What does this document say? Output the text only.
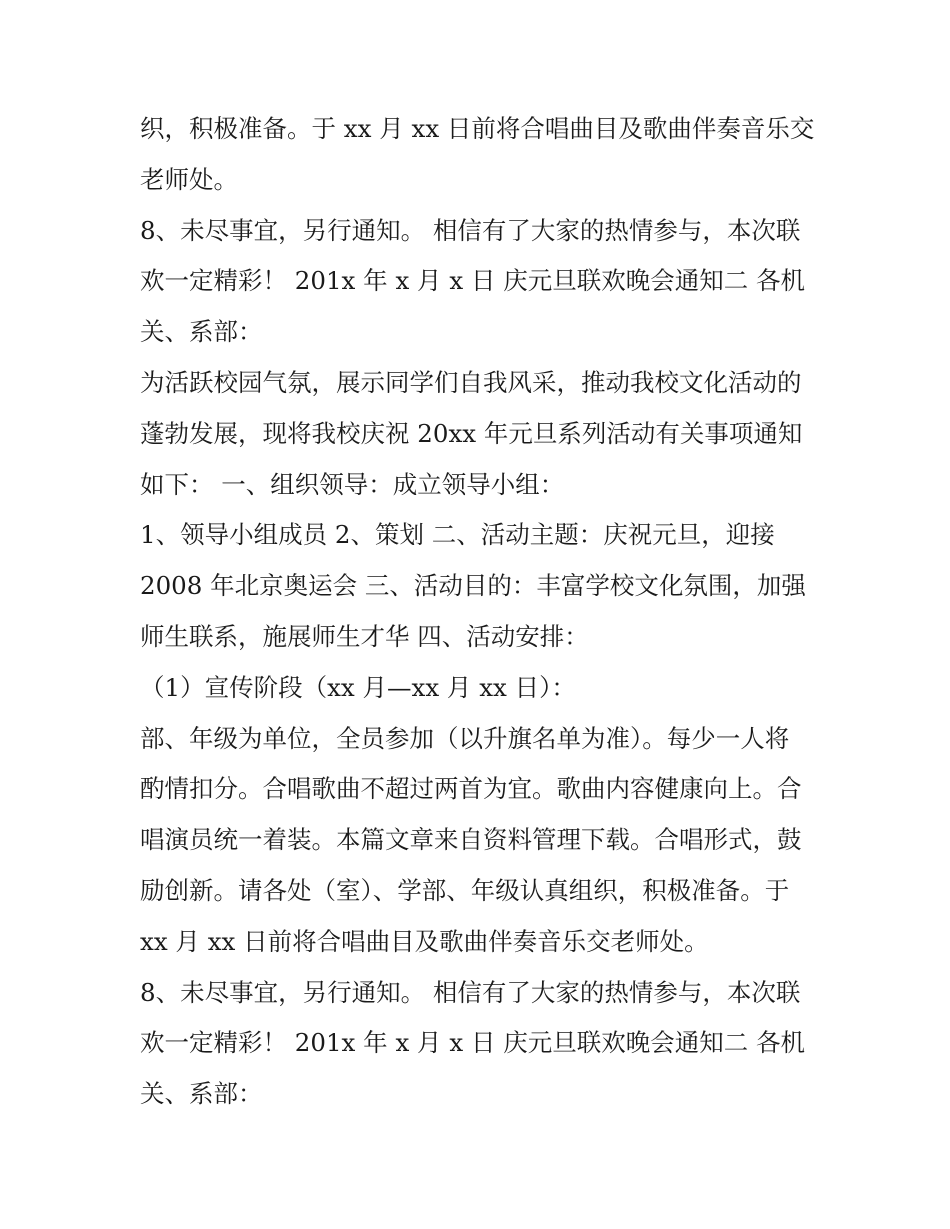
织，积极准备。于 xx 月 xx 日前将合唱曲目及歌曲伴奏音乐交
老师处。
8、未尽事宜，另行通知。 相信有了大家的热情参与，本次联
欢一定精彩！ 201x 年 x 月 x 日 庆元旦联欢晚会通知二 各机
关、系部：
为活跃校园气氛，展示同学们自我风采，推动我校文化活动的
蓬勃发展，现将我校庆祝 20xx 年元旦系列活动有关事项通知
如下： 一、组织领导：成立领导小组：
1、领导小组成员 2、策划 二、活动主题：庆祝元旦，迎接
2008 年北京奥运会 三、活动目的：丰富学校文化氛围，加强
师生联系，施展师生才华 四、活动安排：
（1）宣传阶段（xx 月—xx 月 xx 日）：
部、年级为单位，全员参加（以升旗名单为准）。每少一人将
酌情扣分。合唱歌曲不超过两首为宜。歌曲内容健康向上。合
唱演员统一着装。本篇文章来自资料管理下载。合唱形式，鼓
励创新。请各处（室）、学部、年级认真组织，积极准备。于
xx 月 xx 日前将合唱曲目及歌曲伴奏音乐交老师处。
8、未尽事宜，另行通知。 相信有了大家的热情参与，本次联
欢一定精彩！ 201x 年 x 月 x 日 庆元旦联欢晚会通知二 各机
关、系部：
